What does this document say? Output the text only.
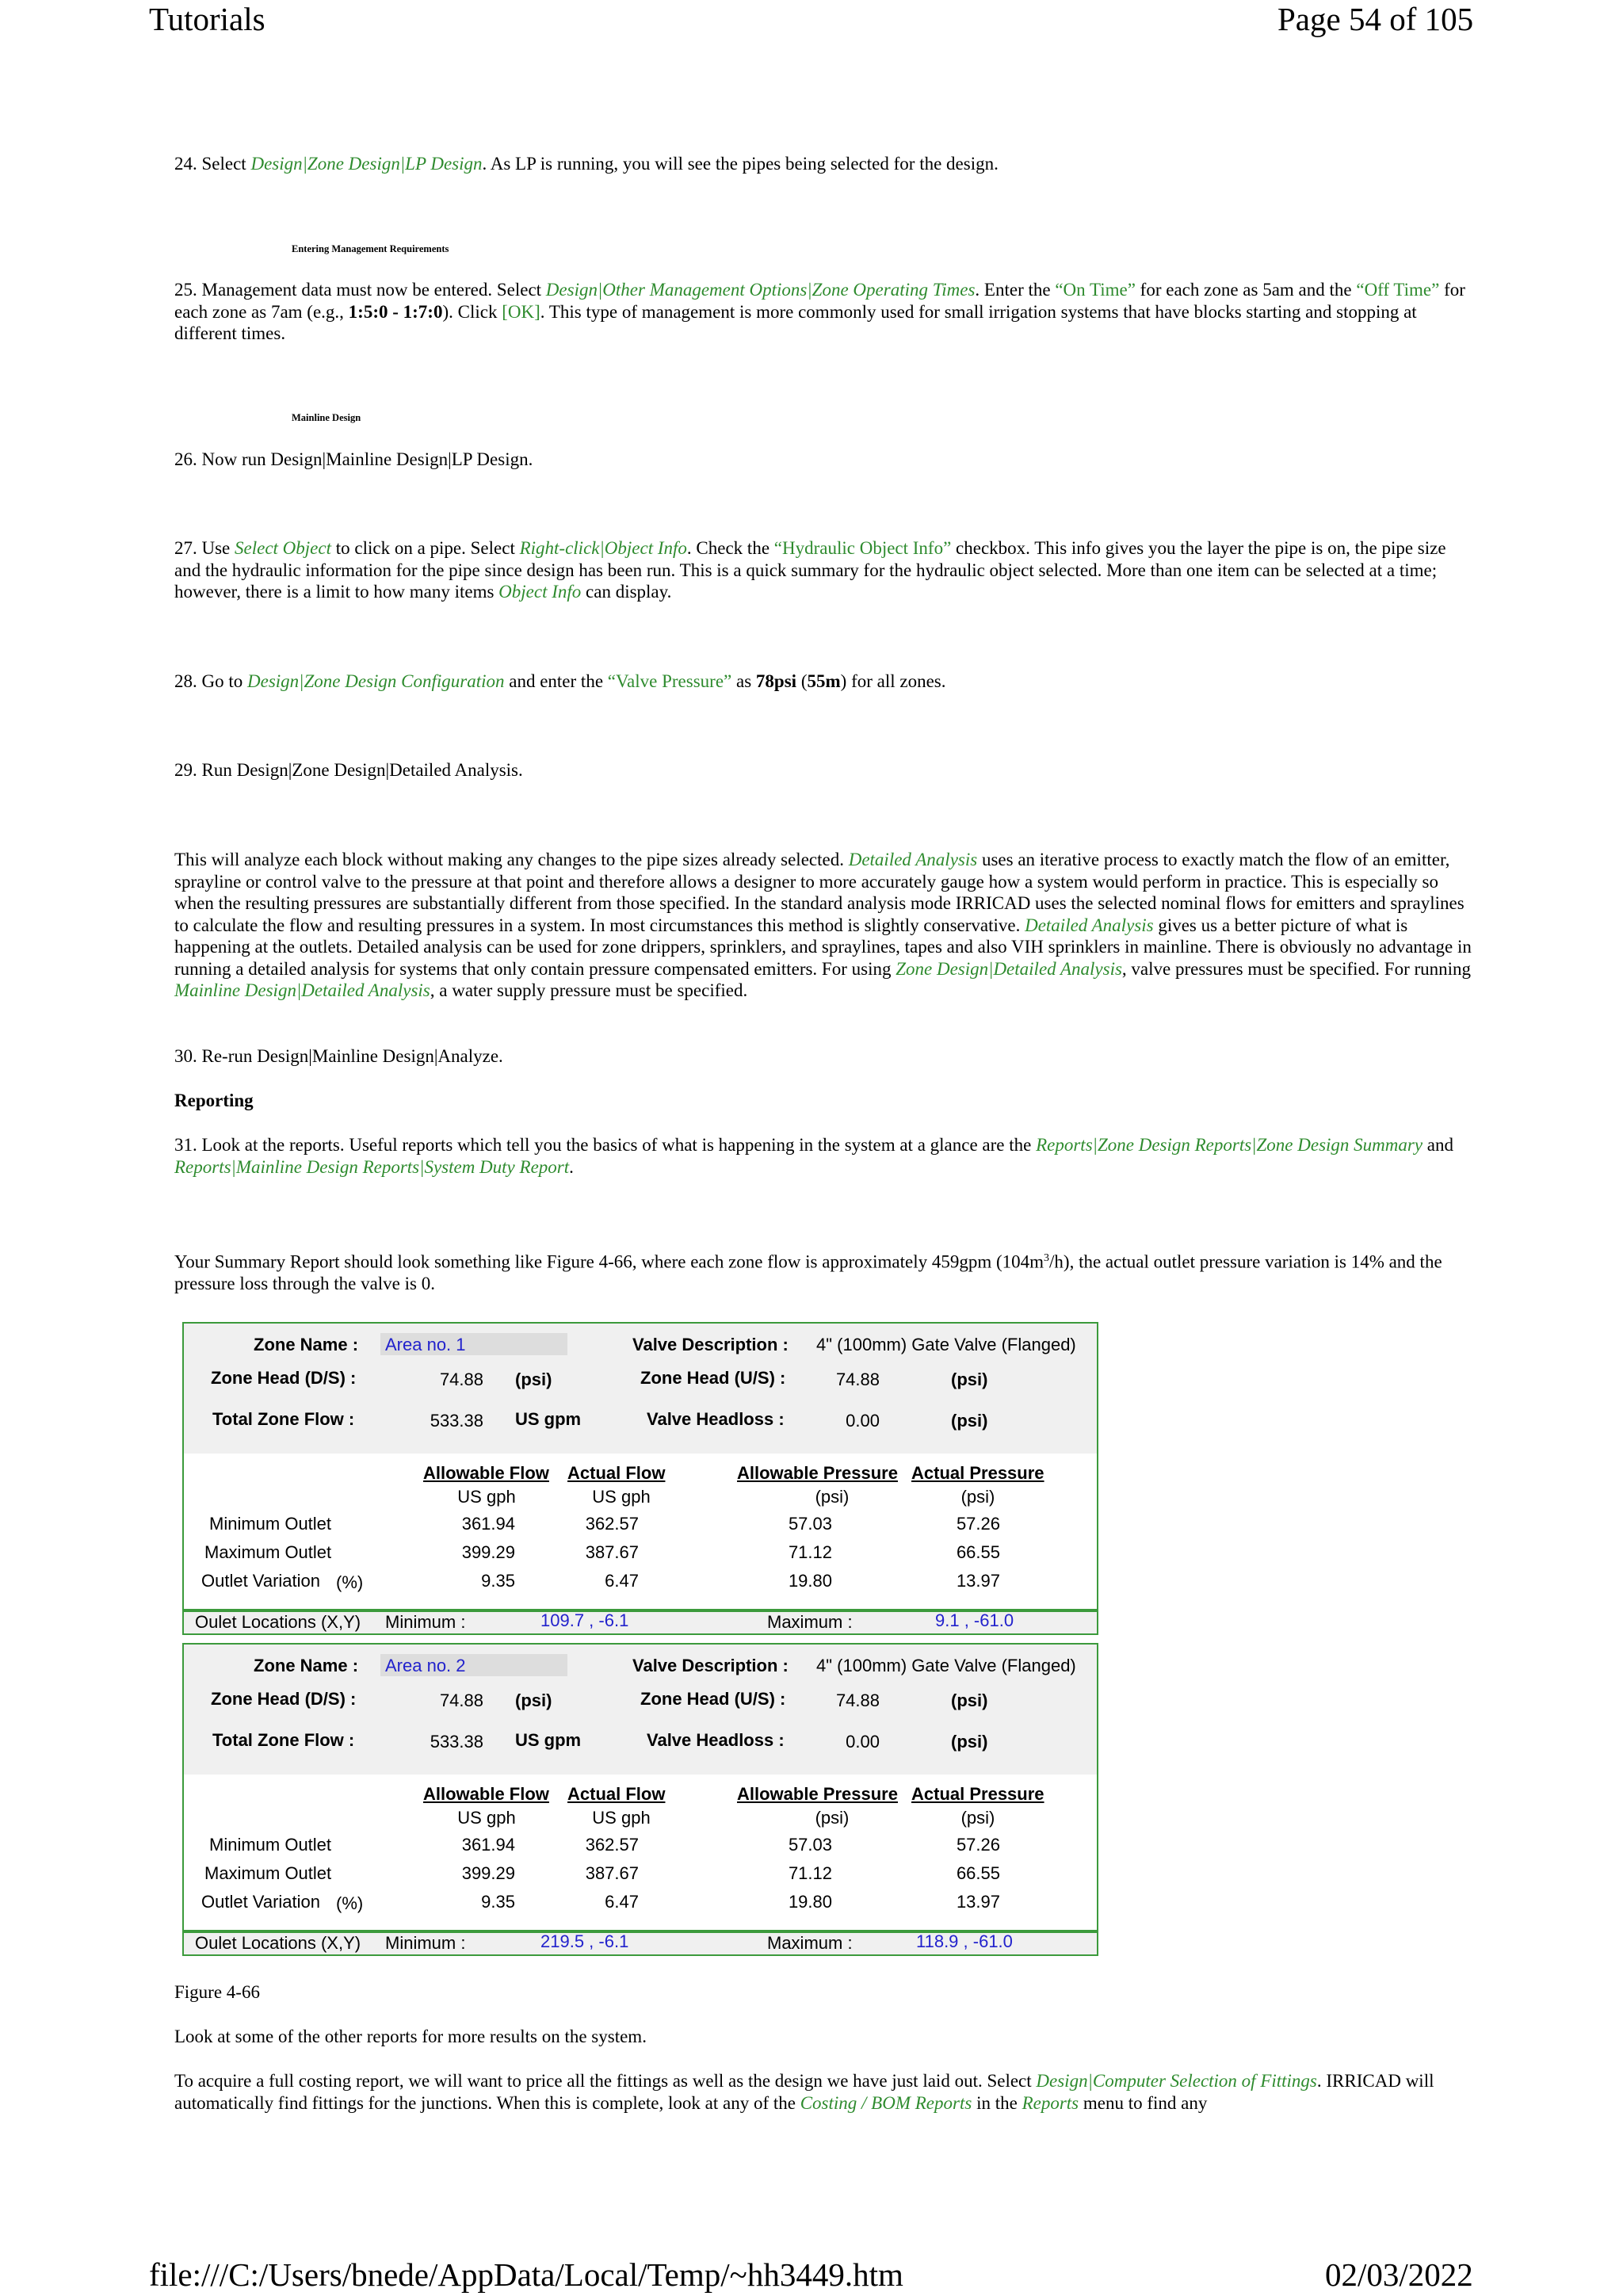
Tutorials	Page 54 of 105
24. Select Design|Zone Design|LP Design. As LP is running, you will see the pipes being selected for the design.
Entering Management Requirements
25. Management data must now be entered. Select Design|Other Management Options|Zone Operating Times. Enter the “On Time” for each zone as 5am and the “Off Time” for each zone as 7am (e.g., 1:5:0 - 1:7:0). Click [OK]. This type of management is more commonly used for small irrigation systems that have blocks starting and stopping at different times.
Mainline Design
26. Now run Design|Mainline Design|LP Design.
27. Use Select Object to click on a pipe. Select Right-click|Object Info. Check the “Hydraulic Object Info” checkbox. This info gives you the layer the pipe is on, the pipe size and the hydraulic information for the pipe since design has been run. This is a quick summary for the hydraulic object selected. More than one item can be selected at a time; however, there is a limit to how many items Object Info can display.
28. Go to Design|Zone Design Configuration and enter the “Valve Pressure” as 78psi (55m) for all zones.
29. Run Design|Zone Design|Detailed Analysis.
This will analyze each block without making any changes to the pipe sizes already selected. Detailed Analysis uses an iterative process to exactly match the flow of an emitter, sprayline or control valve to the pressure at that point and therefore allows a designer to more accurately gauge how a system would perform in practice. This is especially so when the resulting pressures are substantially different from those specified. In the standard analysis mode IRRICAD uses the selected nominal flows for emitters and spraylines to calculate the flow and resulting pressures in a system. In most circumstances this method is slightly conservative. Detailed Analysis gives us a better picture of what is happening at the outlets. Detailed analysis can be used for zone drippers, sprinklers, and spraylines, tapes and also VIH sprinklers in mainline. There is obviously no advantage in running a detailed analysis for systems that only contain pressure compensated emitters. For using Zone Design|Detailed Analysis, valve pressures must be specified. For running Mainline Design|Detailed Analysis, a water supply pressure must be specified.
30. Re-run Design|Mainline Design|Analyze.
Reporting
31. Look at the reports. Useful reports which tell you the basics of what is happening in the system at a glance are the Reports|Zone Design Reports|Zone Design Summary and Reports|Mainline Design Reports|System Duty Report.
Your Summary Report should look something like Figure 4-66, where each zone flow is approximately 459gpm $(104m^3/h)$, the actual outlet pressure variation is 14% and the pressure loss through the valve is 0.
Zone Name : Area no. 1	Valve Description : 4" (100mm) Gate Valve (Flanged)
Zone Head (D/S) :	74.88 (psi)	Zone Head (U/S) :	74.88	(psi)
Total Zone Flow :	533.38 US gpm	Valve Headloss :	0.00	(psi)
Allowable Flow Actual Flow	Allowable Pressure Actual Pressure
US gph	US gph	(psi)	(psi)
Minimum Outlet	361.94	362.57	57.03	57.26
Maximum Outlet	399.29	387.67	71.12	66.55
Outlet Variation (%)	9.35	6.47	19.80	13.97
Oulet Locations (X,Y) Minimum :	109.7 , -6.1	Maximum :	9.1 , -61.0
Zone Name : Area no. 2	Valve Description : 4" (100mm) Gate Valve (Flanged)
Zone Head (D/S) :	74.88 (psi)	Zone Head (U/S) :	74.88	(psi)
Total Zone Flow :	533.38 US gpm	Valve Headloss :	0.00	(psi)
Allowable Flow Actual Flow	Allowable Pressure Actual Pressure
US gph	US gph	(psi)	(psi)
Minimum Outlet	361.94	362.57	57.03	57.26
Maximum Outlet	399.29	387.67	71.12	66.55
Outlet Variation (%)	9.35	6.47	19.80	13.97
Oulet Locations (X,Y) Minimum :	219.5 , -6.1	Maximum :	118.9 , -61.0
Figure 4-66
Look at some of the other reports for more results on the system.
To acquire a full costing report, we will want to price all the fittings as well as the design we have just laid out. Select Design|Computer Selection of Fittings. IRRICAD will automatically find fittings for the junctions. When this is complete, look at any of the Costing / BOM Reports in the Reports menu to find any
file:///C:/Users/bnede/AppData/Local/Temp/~hh3449.htm	02/03/2022
